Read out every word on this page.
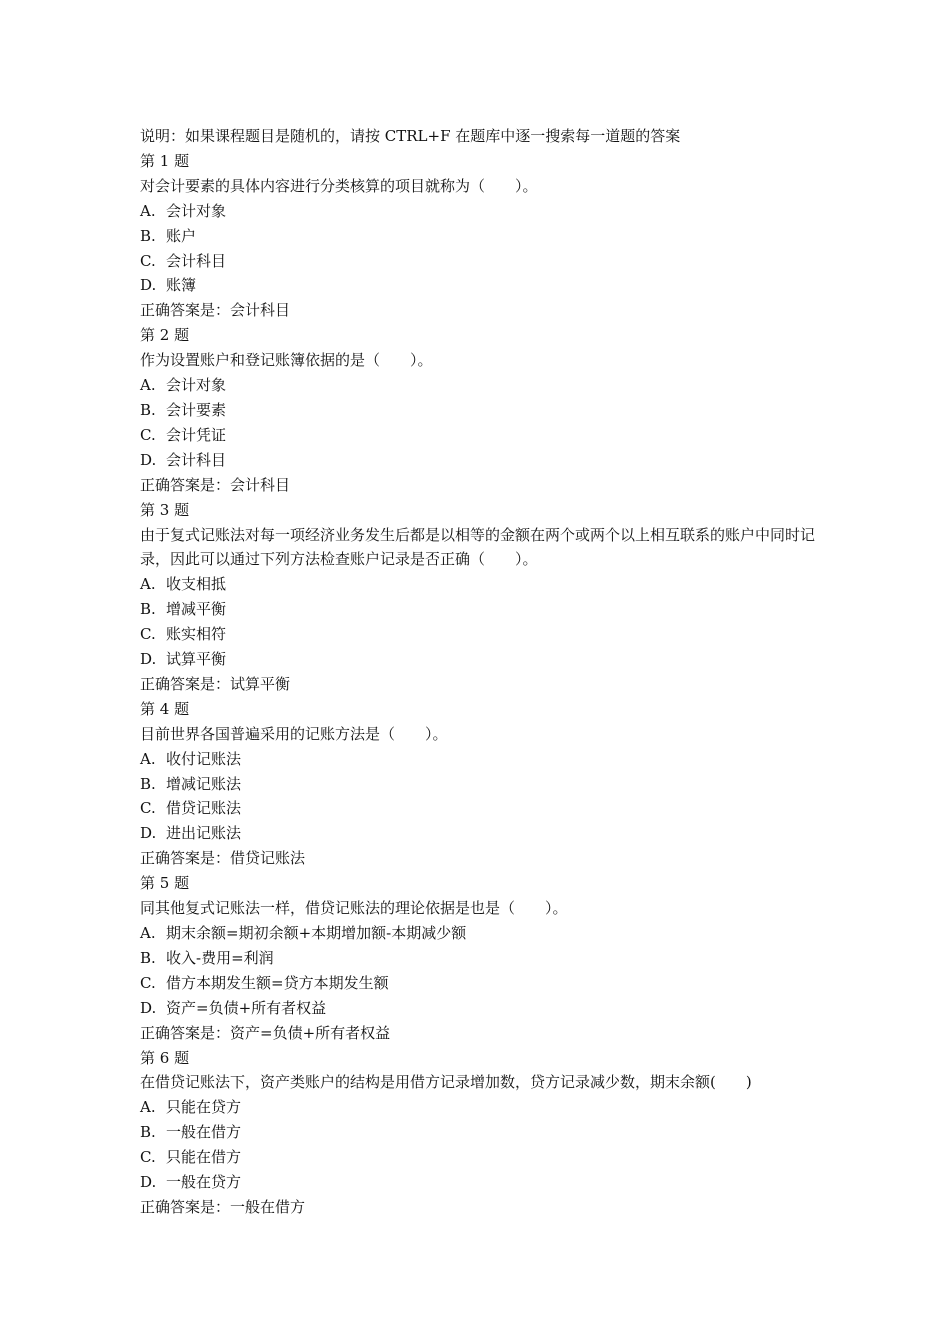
说明：如果课程题目是随机的，请按 CTRL+F 在题库中逐一搜索每一道题的答案

第 1 题

对会计要素的具体内容进行分类核算的项目就称为（　　）。

A. 会计对象

B. 账户

C. 会计科目

D. 账簿

正确答案是：会计科目

第 2 题

作为设置账户和登记账簿依据的是（　　）。

A. 会计对象

B. 会计要素

C. 会计凭证

D. 会计科目

正确答案是：会计科目

第 3 题

由于复式记账法对每一项经济业务发生后都是以相等的金额在两个或两个以上相互联系的账户中同时记录，因此可以通过下列方法检查账户记录是否正确（　　）。

A. 收支相抵

B. 增减平衡

C. 账实相符

D. 试算平衡

正确答案是：试算平衡

第 4 题

目前世界各国普遍采用的记账方法是（　　）。

A. 收付记账法

B. 增减记账法

C. 借贷记账法

D. 进出记账法

正确答案是：借贷记账法

第 5 题

同其他复式记账法一样，借贷记账法的理论依据是也是（　　）。

A. 期末余额=期初余额+本期增加额-本期减少额

B. 收入-费用=利润

C. 借方本期发生额=贷方本期发生额

D. 资产=负债+所有者权益

正确答案是：资产=负债+所有者权益

第 6 题

在借贷记账法下，资产类账户的结构是用借方记录增加数，贷方记录减少数，期末余额(　　)

A. 只能在贷方

B. 一般在借方

C. 只能在借方

D. 一般在贷方

正确答案是：一般在借方
